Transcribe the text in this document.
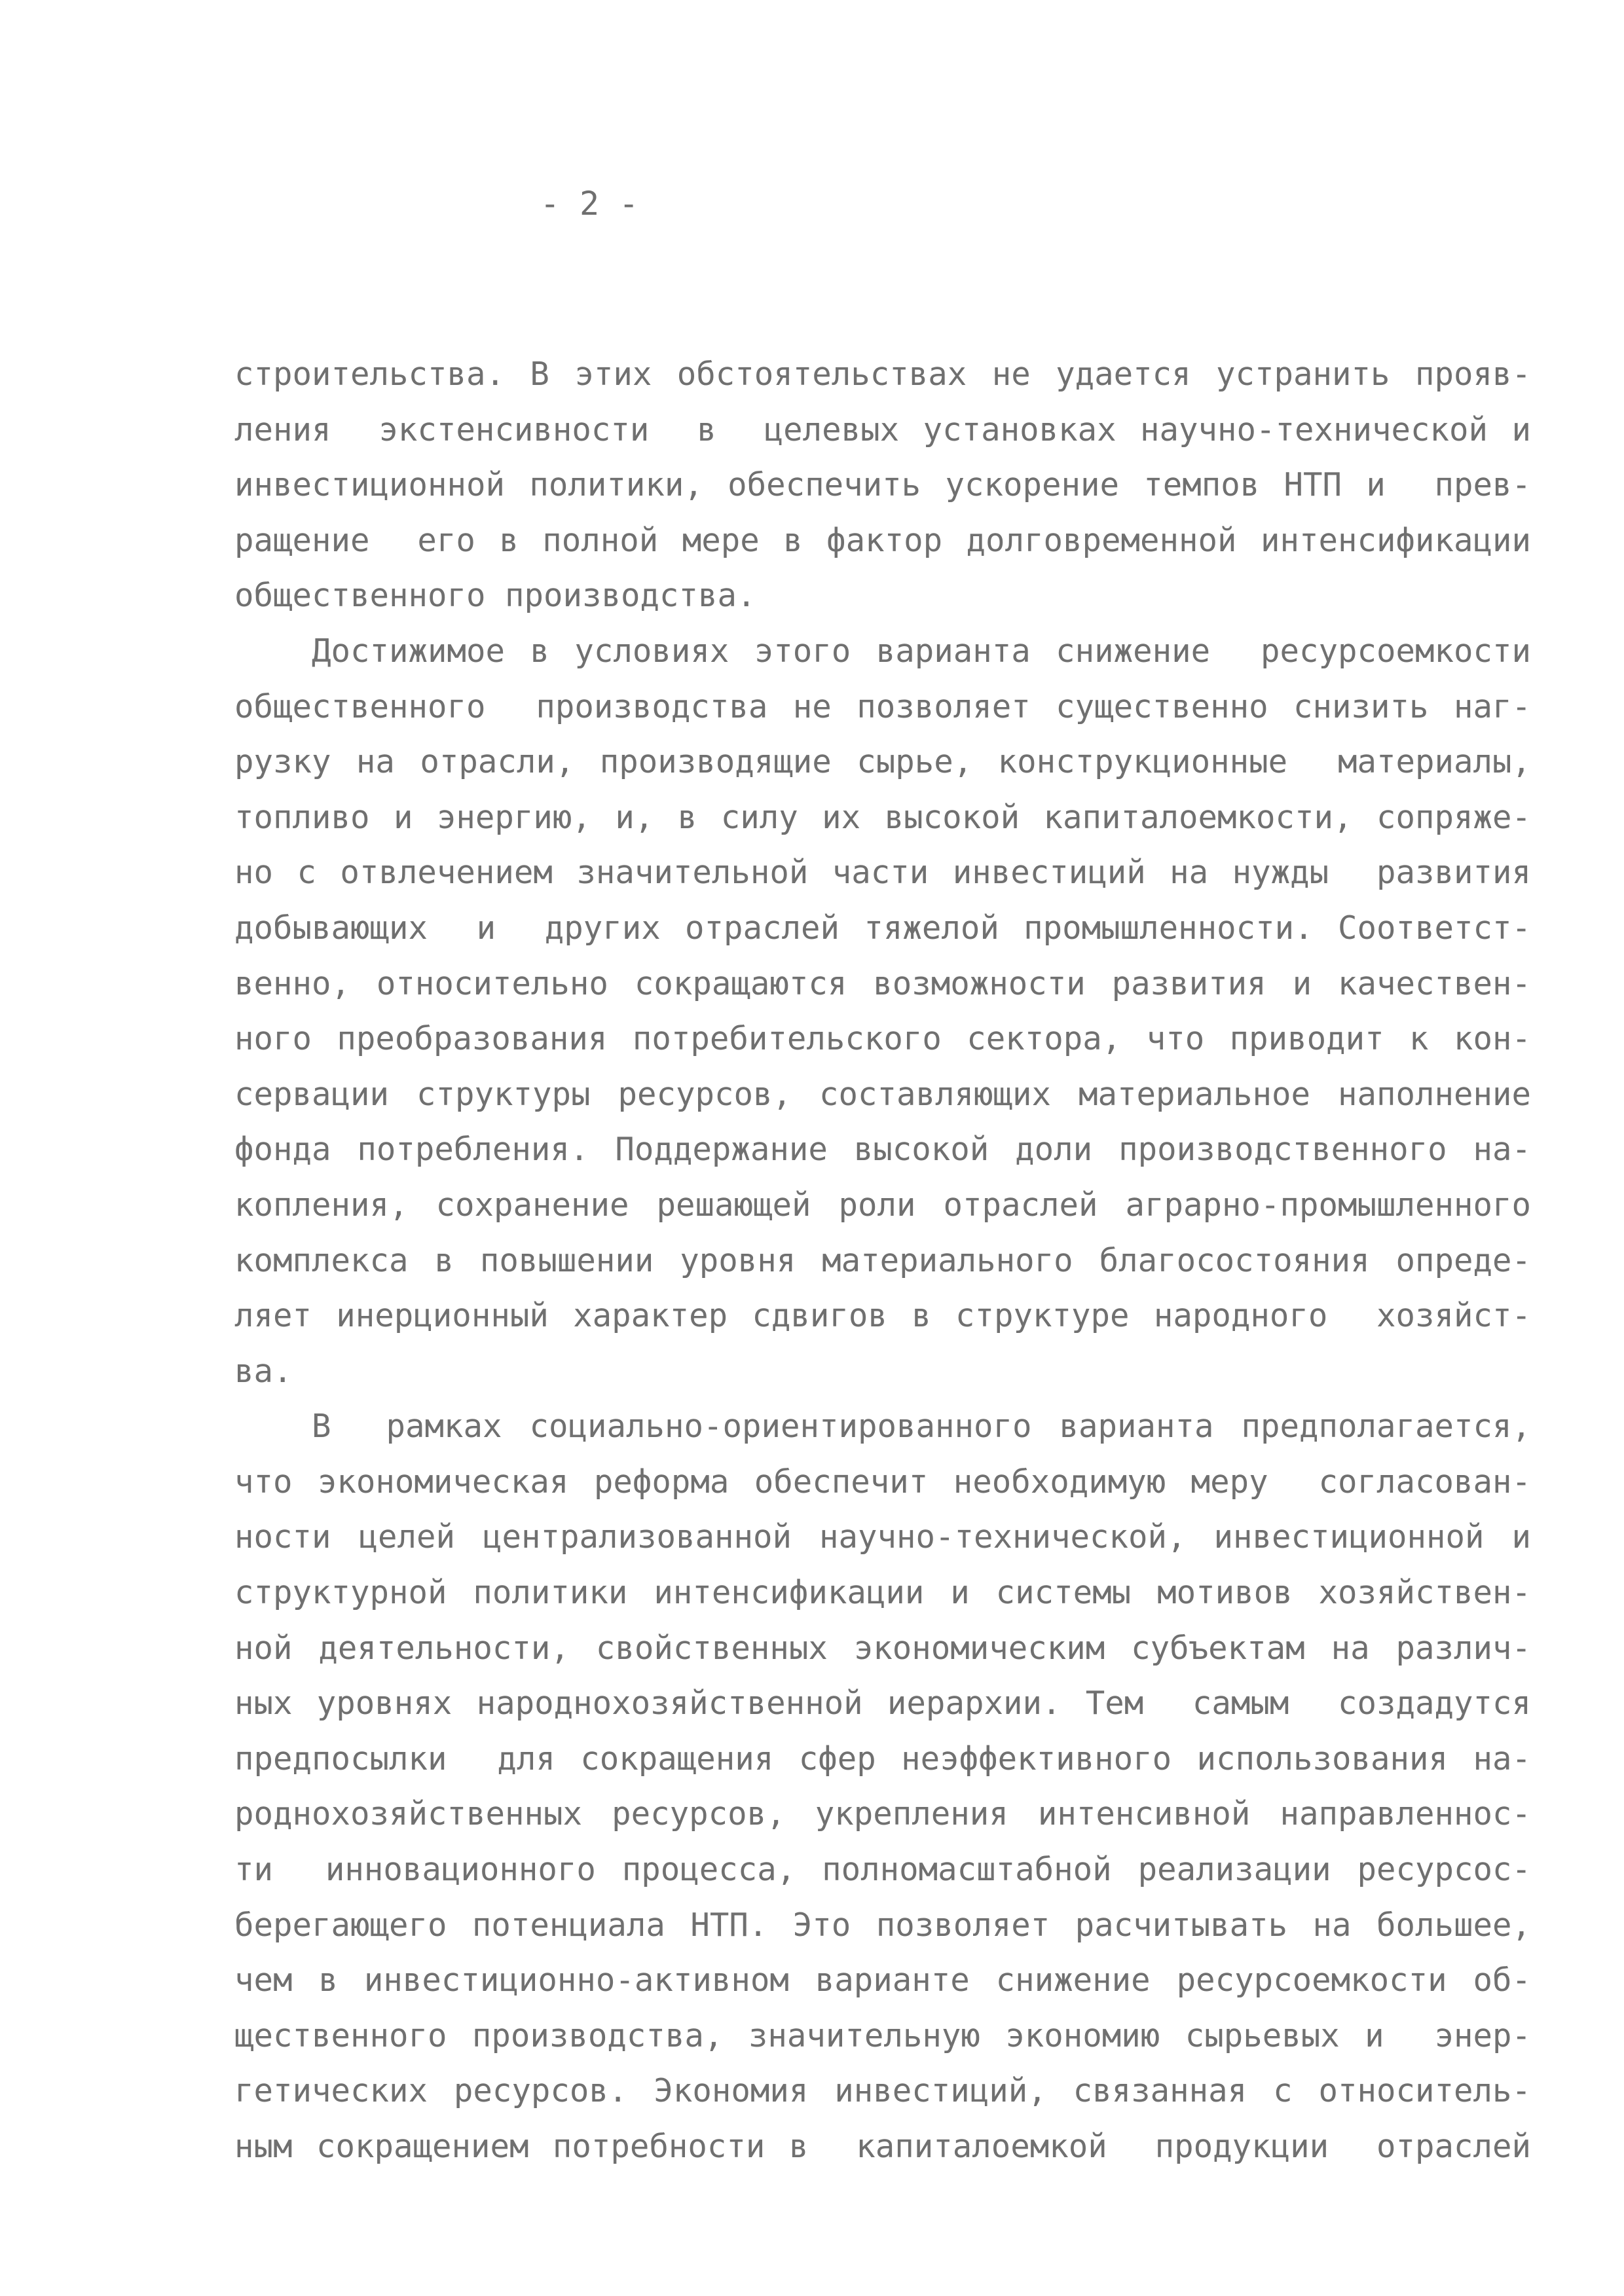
- 2 -
строительства. В этих обстоятельствах не удается устранить прояв-
ления  экстенсивности  в  целевых установках научно-технической и
инвестиционной политики, обеспечить ускорение темпов НТП и  прев-
ращение  его в полной мере в фактор долговременной интенсификации
общественного производства.
Достижимое в условиях этого варианта снижение  ресурсоемкости
общественного  производства не позволяет существенно снизить наг-
рузку на отрасли, производящие сырье, конструкционные  материалы,
топливо и энергию, и, в силу их высокой капиталоемкости, сопряже-
но с отвлечением значительной части инвестиций на нужды  развития
добывающих  и  других отраслей тяжелой промышленности. Соответст-
венно, относительно сокращаются возможности развития и качествен-
ного преобразования потребительского сектора, что приводит к кон-
сервации структуры ресурсов, составляющих материальное наполнение
фонда потребления. Поддержание высокой доли производственного на-
копления, сохранение решающей роли отраслей аграрно-промышленного
комплекса в повышении уровня материального благосостояния опреде-
ляет инерционный характер сдвигов в структуре народного  хозяйст-
ва.
В  рамках социально-ориентированного варианта предполагается,
что экономическая реформа обеспечит необходимую меру  согласован-
ности целей централизованной научно-технической, инвестиционной и
структурной политики интенсификации и системы мотивов хозяйствен-
ной деятельности, свойственных экономическим субъектам на различ-
ных уровнях народнохозяйственной иерархии. Тем  самым  создадутся
предпосылки  для сокращения сфер неэффективного использования на-
роднохозяйственных ресурсов, укрепления интенсивной направленнос-
ти  инновационного процесса, полномасштабной реализации ресурсос-
берегающего потенциала НТП. Это позволяет расчитывать на большее,
чем в инвестиционно-активном варианте снижение ресурсоемкости об-
щественного производства, значительную экономию сырьевых и  энер-
гетических ресурсов. Экономия инвестиций, связанная с относитель-
ным сокращением потребности в  капиталоемкой  продукции  отраслей
